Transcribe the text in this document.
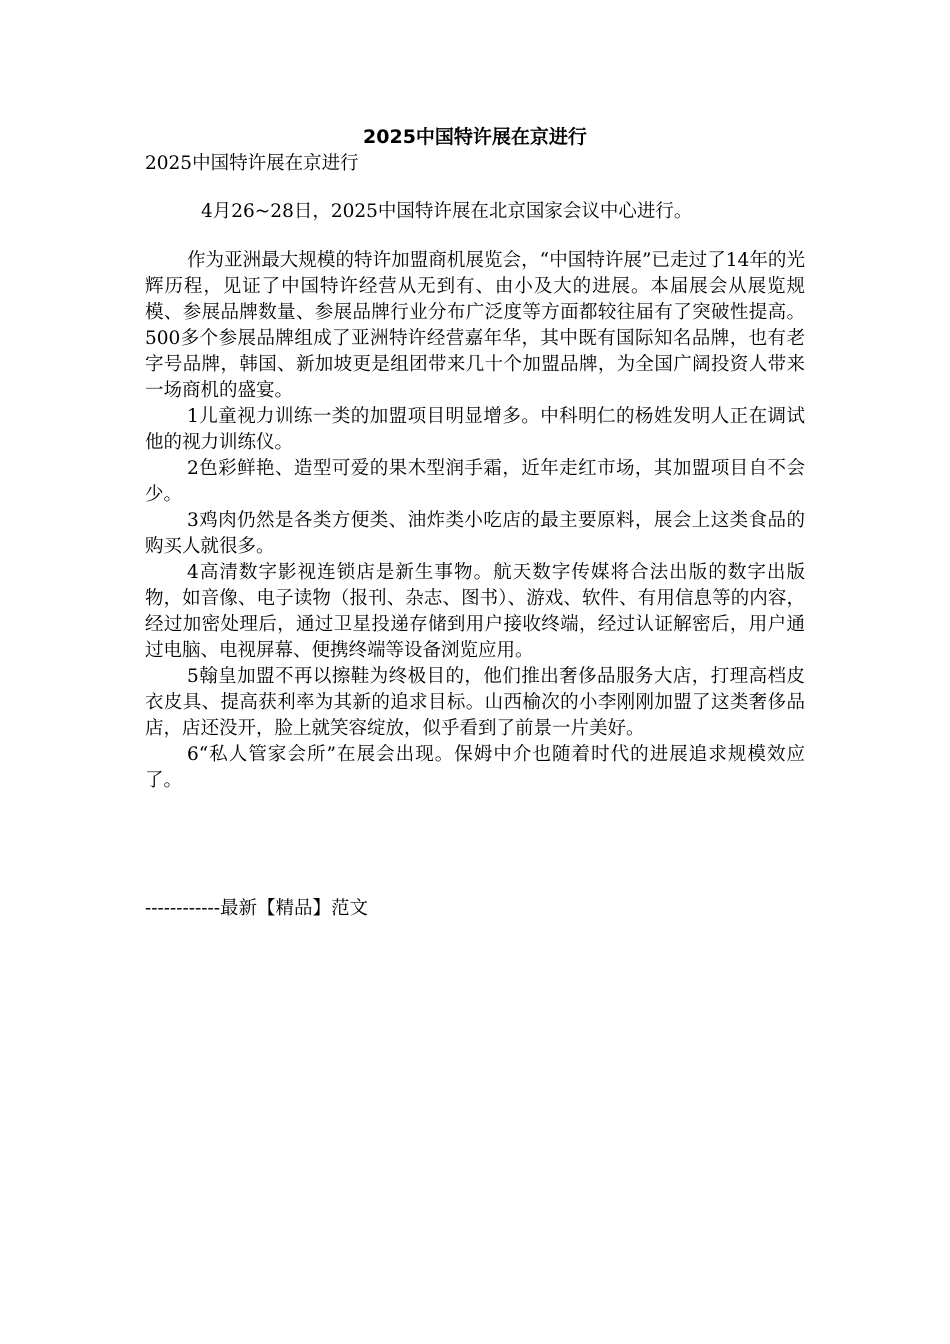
2025中国特许展在京进行

2025中国特许展在京进行

4月26~28日，2025中国特许展在北京国家会议中心进行。

作为亚洲最大规模的特许加盟商机展览会，“中国特许展”已走过了14年的光辉历程，见证了中国特许经营从无到有、由小及大的进展。本届展会从展览规模、参展品牌数量、参展品牌行业分布广泛度等方面都较往届有了突破性提高。500多个参展品牌组成了亚洲特许经营嘉年华，其中既有国际知名品牌，也有老字号品牌，韩国、新加坡更是组团带来几十个加盟品牌，为全国广阔投资人带来一场商机的盛宴。

1儿童视力训练一类的加盟项目明显增多。中科明仁的杨姓发明人正在调试他的视力训练仪。

2色彩鲜艳、造型可爱的果木型润手霜，近年走红市场，其加盟项目自不会少。

3鸡肉仍然是各类方便类、油炸类小吃店的最主要原料，展会上这类食品的购买人就很多。

4高清数字影视连锁店是新生事物。航天数字传媒将合法出版的数字出版物，如音像、电子读物（报刊、杂志、图书）、游戏、软件、有用信息等的内容，经过加密处理后，通过卫星投递存储到用户接收终端，经过认证解密后，用户通过电脑、电视屏幕、便携终端等设备浏览应用。

5翰皇加盟不再以擦鞋为终极目的，他们推出奢侈品服务大店，打理高档皮衣皮具、提高获利率为其新的追求目标。山西榆次的小李刚刚加盟了这类奢侈品店，店还没开，脸上就笑容绽放，似乎看到了前景一片美好。

6“私人管家会所”在展会出现。保姆中介也随着时代的进展追求规模效应了。

------------最新【精品】范文
